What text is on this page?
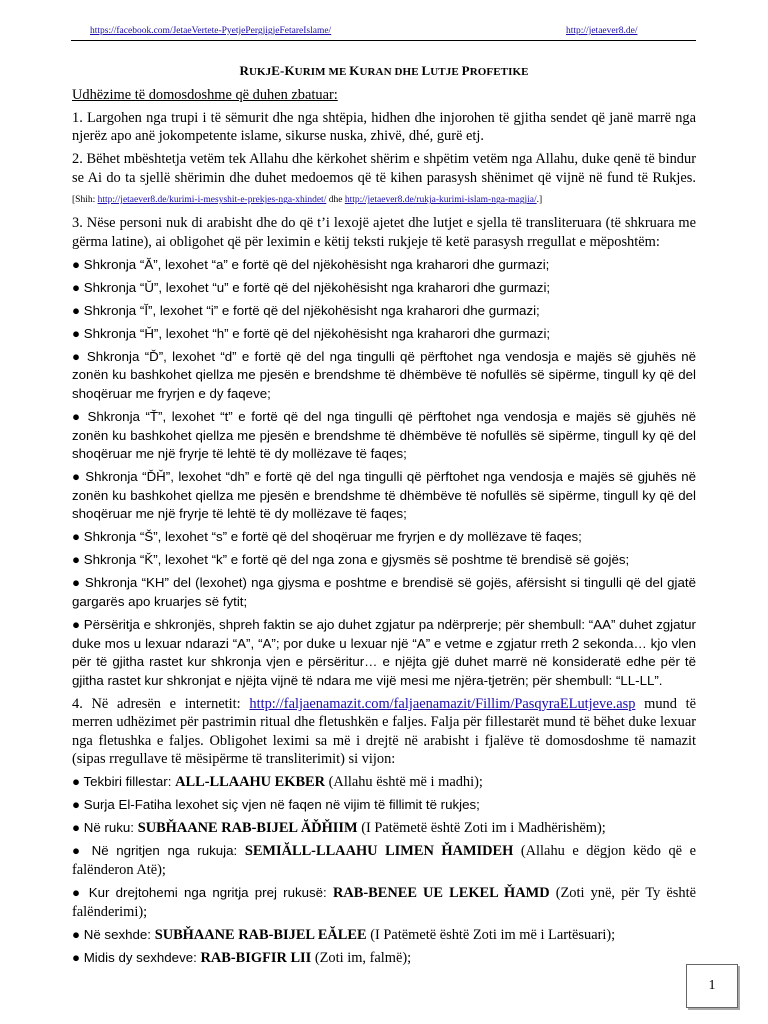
https://facebook.com/JetaeVertete-PyetjePergjigjeFetareIslame/	http://jetaever8.de/

RUKJE-KURIM ME KURAN DHE LUTJE PROFETIKE

Udhëzime të domosdoshme që duhen zbatuar:

1. Largohen nga trupi i të sëmurit dhe nga shtëpia, hidhen dhe injorohen të gjitha sendet që janë marrë nga njerëz apo anë jokompetente islame, sikurse nuska, zhivë, dhé, gurë etj.

2. Bëhet mbështetja vetëm tek Allahu dhe kërkohet shërim e shpëtim vetëm nga Allahu, duke qenë të bindur se Ai do ta sjellë shërimin dhe duhet medoemos që të kihen parasysh shënimet që vijnë në fund të Rukjes. [Shih: http://jetaever8.de/kurimi-i-mesyshit-e-prekjes-nga-xhindet/ dhe http://jetaever8.de/rukja-kurimi-islam-nga-magjia/.]

3. Nëse personi nuk di arabisht dhe do që t’i lexojë ajetet dhe lutjet e sjella të transliteruara (të shkruara me gërma latine), ai obligohet që për leximin e këtij teksti rukjeje të ketë parasysh rregullat e mëposhtëm:

● Shkronja “Ă”, lexohet “a” e fortë që del njëkohësisht nga kraharori dhe gurmazi;

● Shkronja “Ŭ”, lexohet “u” e fortë që del njëkohësisht nga kraharori dhe gurmazi;

● Shkronja “Ĭ”, lexohet “i” e fortë që del njëkohësisht nga kraharori dhe gurmazi;

● Shkronja “Ȟ”, lexohet “h” e fortë që del njëkohësisht nga kraharori dhe gurmazi;

● Shkronja “Ď”, lexohet “d” e fortë që del nga tingulli që përftohet nga vendosja e majës së gjuhës në zonën ku bashkohet qiellza me pjesën e brendshme të dhëmbëve të nofullës së sipërme, tingull ky që del shoqëruar me fryrjen e dy faqeve;

● Shkronja “Ť”, lexohet “t” e fortë që del nga tingulli që përftohet nga vendosja e majës së gjuhës në zonën ku bashkohet qiellza me pjesën e brendshme të dhëmbëve të nofullës së sipërme, tingull ky që del shoqëruar me një fryrje të lehtë të dy mollëzave të faqes;

● Shkronja “ĎȞ”, lexohet “dh” e fortë që del nga tingulli që përftohet nga vendosja e majës së gjuhës në zonën ku bashkohet qiellza me pjesën e brendshme të dhëmbëve të nofullës së sipërme, tingull ky që del shoqëruar me një fryrje të lehtë të dy mollëzave të faqes;

● Shkronja “Š”, lexohet “s” e fortë që del shoqëruar me fryrjen e dy mollëzave të faqes;

● Shkronja “Ǩ”, lexohet “k” e fortë që del nga zona e gjysmës së poshtme të brendisë së gojës;

● Shkronja “KH” del (lexohet) nga gjysma e poshtme e brendisë së gojës, afërsisht si tingulli që del gjatë gargarës apo kruarjes së fytit;

● Përsëritja e shkronjës, shpreh faktin se ajo duhet zgjatur pa ndërprerje; për shembull: “AA” duhet zgjatur duke mos u lexuar ndarazi “A”, “A”; por duke u lexuar një “A” e vetme e zgjatur rreth 2 sekonda… kjo vlen për të gjitha rastet kur shkronja vjen e përsëritur… e njëjta gjë duhet marrë në konsideratë edhe për të gjitha rastet kur shkronjat e njëjta vijnë të ndara me vijë mesi me njëra-tjetrën; për shembull: “LL-LL”.

4. Në adresën e internetit: http://faljaenamazit.com/faljaenamazit/Fillim/PasqyraELutjeve.asp mund të merren udhëzimet për pastrimin ritual dhe fletushkën e faljes. Falja për fillestarët mund të bëhet duke lexuar nga fletushka e faljes. Obligohet leximi sa më i drejtë në arabisht i fjalëve të domosdoshme të namazit (sipas rregullave të mësipërme të transliterimit) si vijon:

● Tekbiri fillestar: ALL-LLAAHU EKBER (Allahu është më i madhi);

● Surja El-Fatiha lexohet siç vjen në faqen në vijim të fillimit të rukjes;

● Në ruku: SUBȞAANE RAB-BIJEL ĂĎȞIIM (I Patëmetë është Zoti im i Madhërishëm);

● Në ngritjen nga rukuja: SEMIĂLL-LLAAHU LIMEN ȞAMIDEH (Allahu e dëgjon këdo që e falënderon Atë);

● Kur drejtohemi nga ngritja prej rukusë: RAB-BENEE UE LEKEL ȞAMD (Zoti ynë, për Ty është falënderimi);

● Në sexhde: SUBȞAANE RAB-BIJEL EĂLEE (I Patëmetë është Zoti im më i Lartësuari);

● Midis dy sexhdeve: RAB-BIGFIR LII (Zoti im, falmë);

1
